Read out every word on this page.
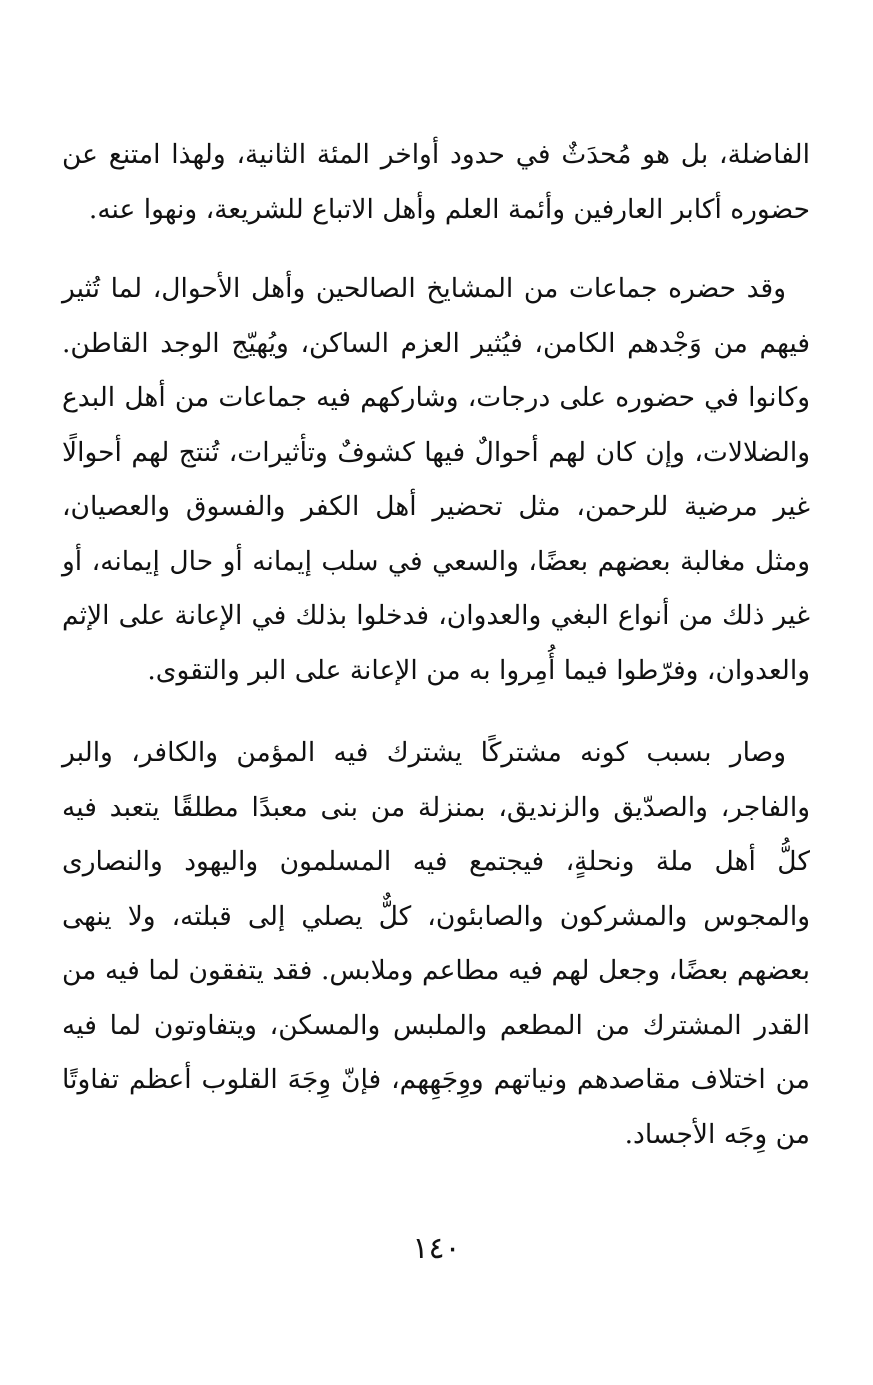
الفاضلة، بل هو مُحدَثٌ في حدود أواخر المئة الثانية، ولهذا امتنع عن حضوره أكابر العارفين وأئمة العلم وأهل الاتباع للشريعة، ونهوا عنه.

وقد حضره جماعات من المشايخ الصالحين وأهل الأحوال، لما تُثير فيهم من وَجْدهم الكامن، فيُثير العزم الساكن، ويُهيّج الوجد القاطن. وكانوا في حضوره على درجات، وشاركهم فيه جماعات من أهل البدع والضلالات، وإن كان لهم أحوالٌ فيها كشوفٌ وتأثيرات، تُنتج لهم أحوالًا غير مرضية للرحمن، مثل تحضير أهل الكفر والفسوق والعصيان، ومثل مغالبة بعضهم بعضًا، والسعي في سلب إيمانه أو حال إيمانه، أو غير ذلك من أنواع البغي والعدوان، فدخلوا بذلك في الإعانة على الإثم والعدوان، وفرّطوا فيما أُمِروا به من الإعانة على البر والتقوى.

وصار بسبب كونه مشتركًا يشترك فيه المؤمن والكافر، والبر والفاجر، والصدّيق والزنديق، بمنزلة من بنى معبدًا مطلقًا يتعبد فيه كلُّ أهل ملة ونحلةٍ، فيجتمع فيه المسلمون واليهود والنصارى والمجوس والمشركون والصابئون، كلٌّ يصلي إلى قبلته، ولا ينهى بعضهم بعضًا، وجعل لهم فيه مطاعم وملابس. فقد يتفقون لما فيه من القدر المشترك من المطعم والملبس والمسكن، ويتفاوتون لما فيه من اختلاف مقاصدهم ونياتهم ووِجَهِهم، فإنّ وِجَهَ القلوب أعظم تفاوتًا من وِجَه الأجساد.

١٤٠
